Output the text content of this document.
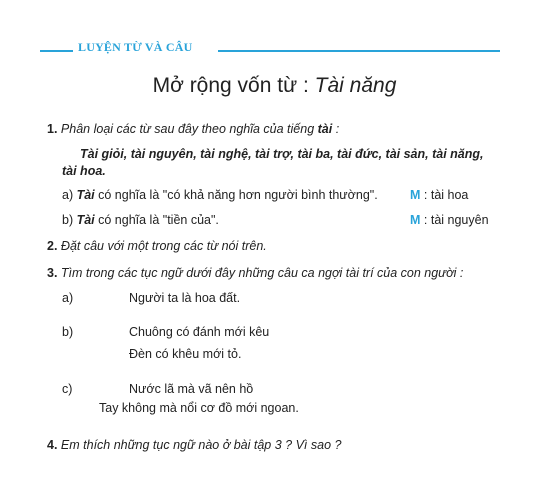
LUYỆN TỪ VÀ CÂU
Mở rộng vốn từ : Tài năng
1. Phân loại các từ sau đây theo nghĩa của tiếng tài :
Tài giỏi, tài nguyên, tài nghệ, tài trợ, tài ba, tài đức, tài sản, tài năng,
tài hoa.
a) Tài có nghĩa là "có khả năng hơn người bình thường".	M : tài hoa
b) Tài có nghĩa là "tiền của".	M : tài nguyên
2. Đặt câu với một trong các từ nói trên.
3. Tìm trong các tục ngữ dưới đây những câu ca ngợi tài trí của con người :
a)	Người ta là hoa đất.
b)	Chuông có đánh mới kêu
Đèn có khêu mới tỏ.
c)	Nước lã mà vã nên hồ
Tay không mà nổi cơ đồ mới ngoan.
4. Em thích những tục ngữ nào ở bài tập 3 ? Vì sao ?
